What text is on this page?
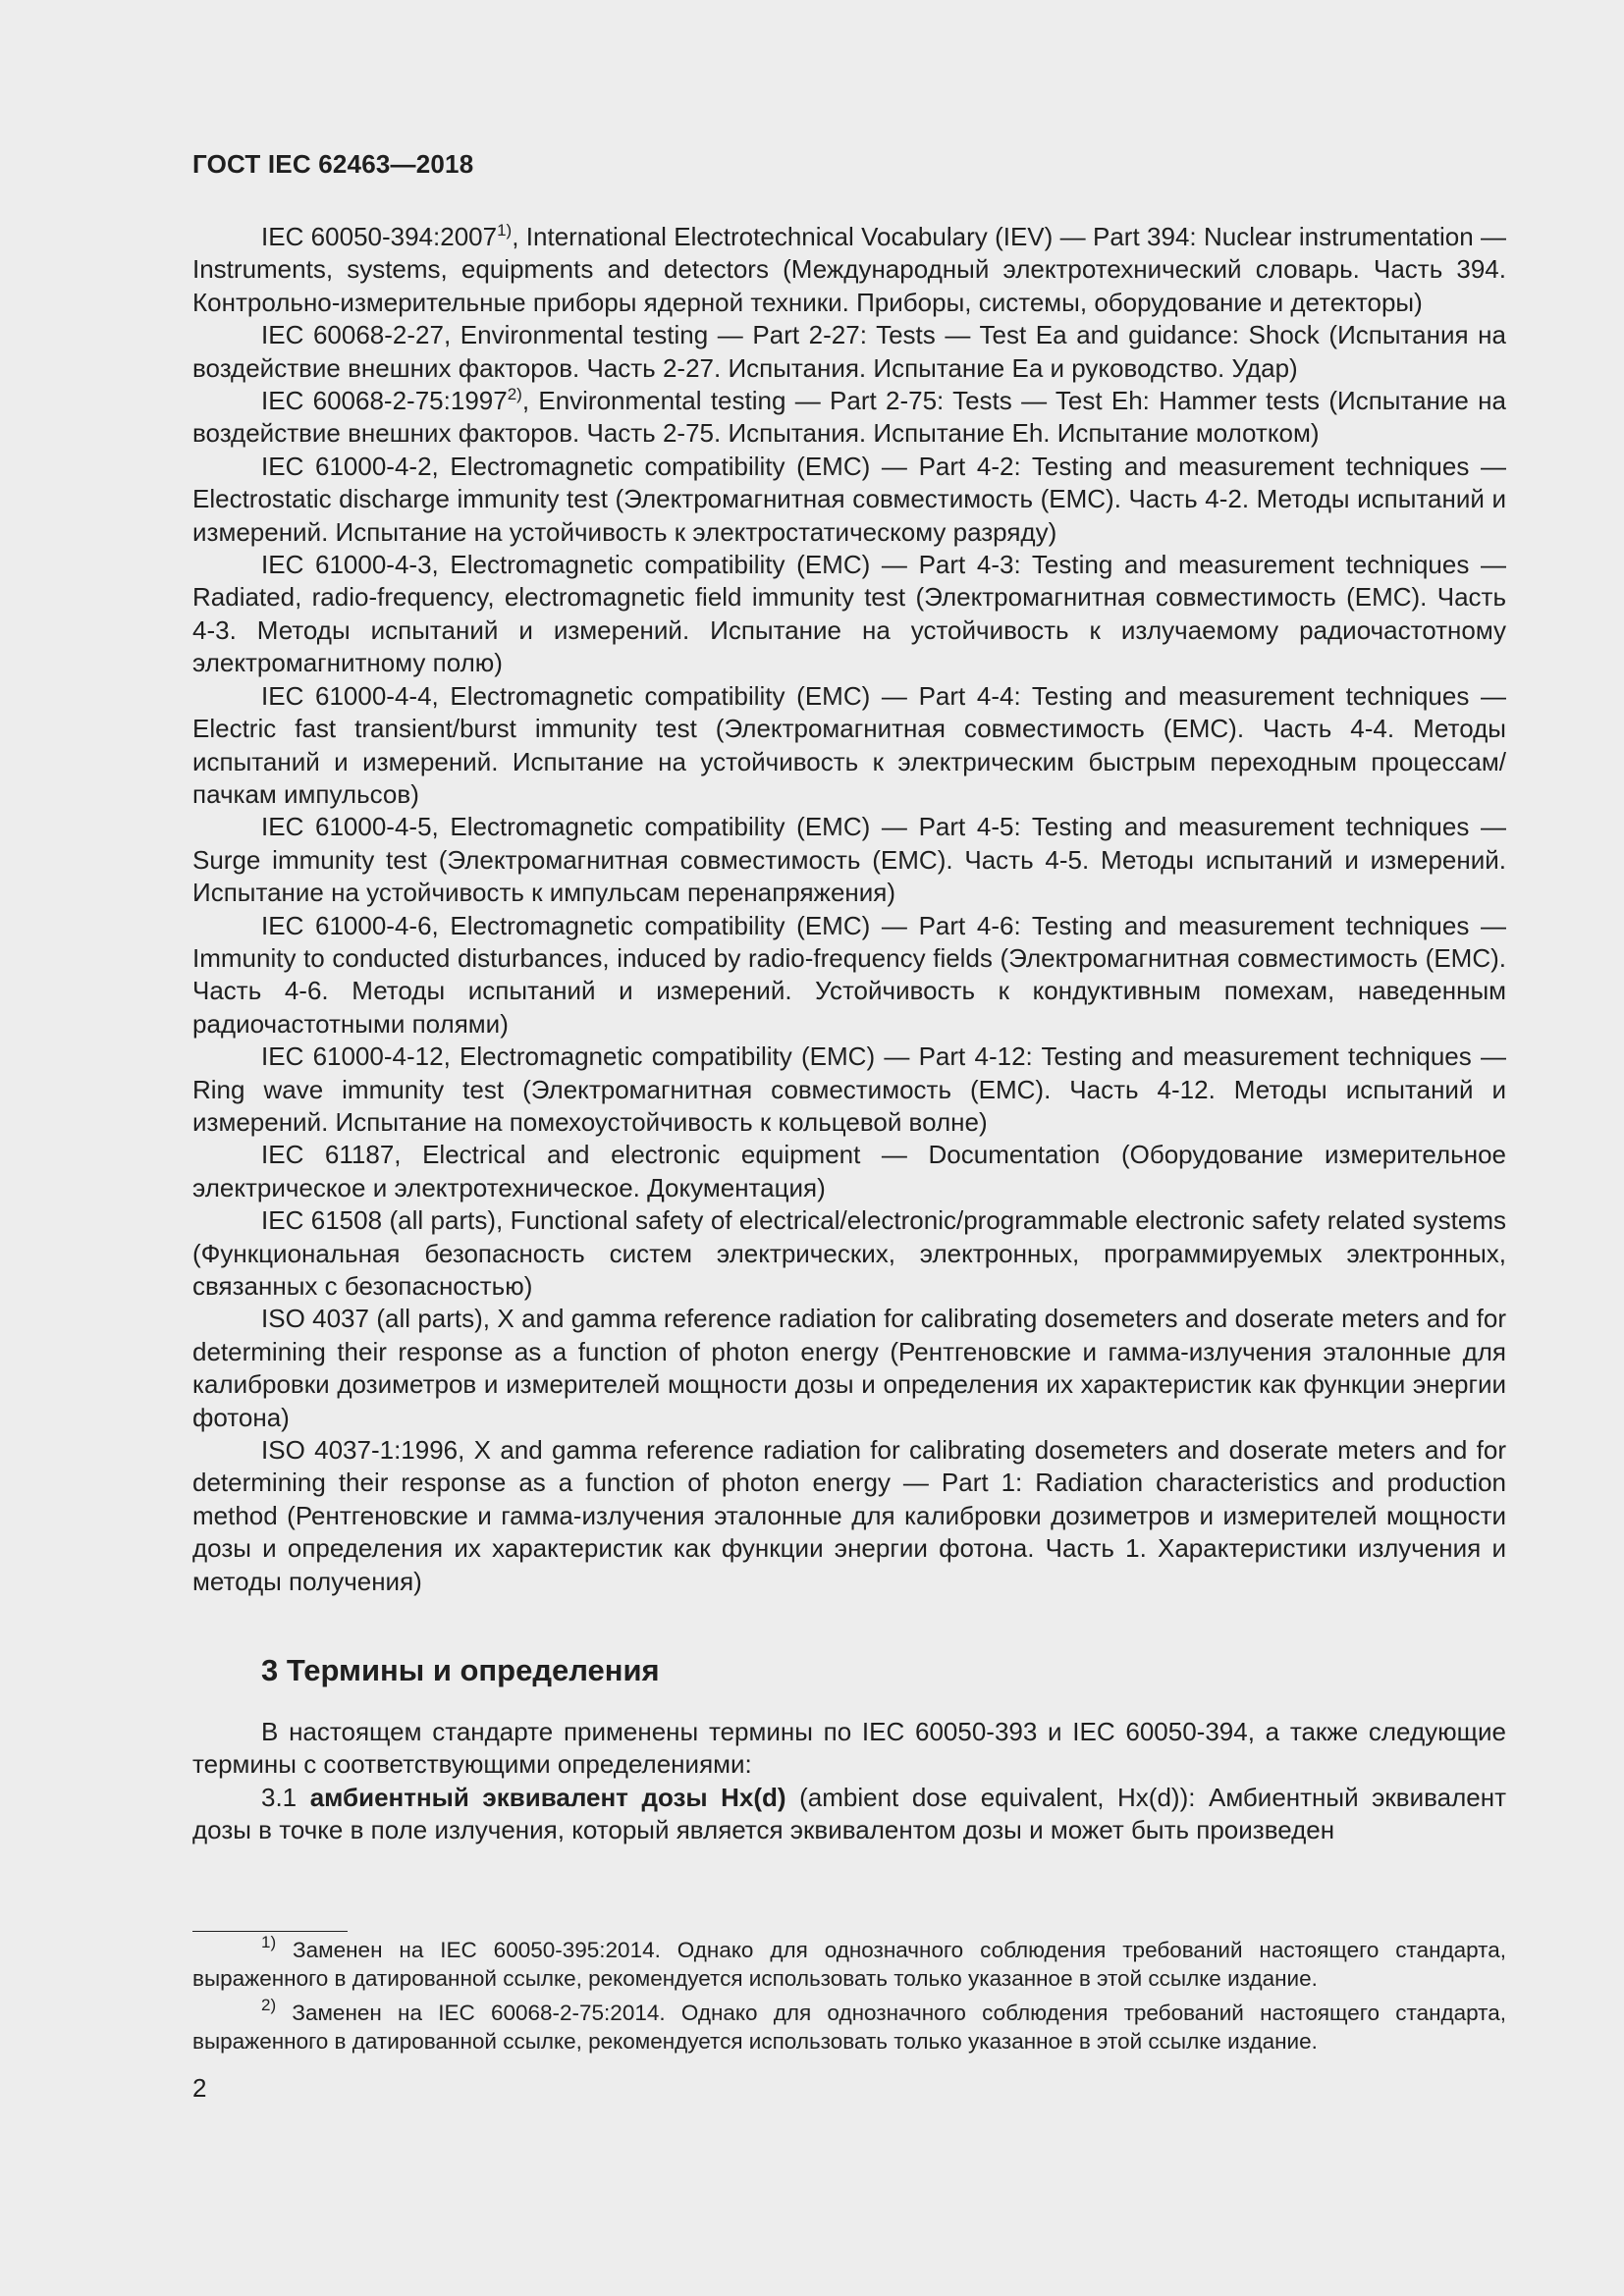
ГОСТ IEC 62463—2018

IEC 60050-394:2007$^{1)}$, International Electrotechnical Vocabulary (IEV) — Part 394: Nuclear instrumentation — Instruments, systems, equipments and detectors (Международный электротехнический словарь. Часть 394. Контрольно-измерительные приборы ядерной техники. Приборы, системы, оборудование и детекторы)

IEC 60068-2-27, Environmental testing — Part 2-27: Tests — Test Ea and guidance: Shock (Испытания на воздействие внешних факторов. Часть 2-27. Испытания. Испытание Ea и руководство. Удар)

IEC 60068-2-75:1997$^{2)}$, Environmental testing — Part 2-75: Tests — Test Eh: Hammer tests (Испытание на воздействие внешних факторов. Часть 2-75. Испытания. Испытание Eh. Испытание молотком)

IEC 61000-4-2, Electromagnetic compatibility (EMC) — Part 4-2: Testing and measurement techniques — Electrostatic discharge immunity test (Электромагнитная совместимость (EMC). Часть 4-2. Методы испытаний и измерений. Испытание на устойчивость к электростатическому разряду)

IEC 61000-4-3, Electromagnetic compatibility (EMC) — Part 4-3: Testing and measurement techniques — Radiated, radio-frequency, electromagnetic field immunity test (Электромагнитная совместимость (EMC). Часть 4-3. Методы испытаний и измерений. Испытание на устойчивость к излучаемому радиочастотному электромагнитному полю)

IEC 61000-4-4, Electromagnetic compatibility (EMC) — Part 4-4: Testing and measurement techniques — Electric fast transient/burst immunity test (Электромагнитная совместимость (EMC). Часть 4-4. Методы испытаний и измерений. Испытание на устойчивость к электрическим быстрым переходным процессам/пачкам импульсов)

IEC 61000-4-5, Electromagnetic compatibility (EMC) — Part 4-5: Testing and measurement techniques — Surge immunity test (Электромагнитная совместимость (EMC). Часть 4-5. Методы испытаний и измерений. Испытание на устойчивость к импульсам перенапряжения)

IEC 61000-4-6, Electromagnetic compatibility (EMC) — Part 4-6: Testing and measurement techniques — Immunity to conducted disturbances, induced by radio-frequency fields (Электромагнитная совместимость (EMC). Часть 4-6. Методы испытаний и измерений. Устойчивость к кондуктивным помехам, наведенным радиочастотными полями)

IEC 61000-4-12, Electromagnetic compatibility (EMC) — Part 4-12: Testing and measurement techniques — Ring wave immunity test (Электромагнитная совместимость (EMC). Часть 4-12. Методы испытаний и измерений. Испытание на помехоустойчивость к кольцевой волне)

IEC 61187, Electrical and electronic equipment — Documentation (Оборудование измерительное электрическое и электротехническое. Документация)

IEC 61508 (all parts), Functional safety of electrical/electronic/programmable electronic safety related systems (Функциональная безопасность систем электрических, электронных, программируемых электронных, связанных с безопасностью)

ISO 4037 (all parts), X and gamma reference radiation for calibrating dosemeters and doserate meters and for determining their response as a function of photon energy (Рентгеновские и гамма-излучения эталонные для калибровки дозиметров и измерителей мощности дозы и определения их характеристик как функции энергии фотона)

ISO 4037-1:1996, X and gamma reference radiation for calibrating dosemeters and doserate meters and for determining their response as a function of photon energy — Part 1: Radiation characteristics and production method (Рентгеновские и гамма-излучения эталонные для калибровки дозиметров и измерителей мощности дозы и определения их характеристик как функции энергии фотона. Часть 1. Характеристики излучения и методы получения)

3 Термины и определения

В настоящем стандарте применены термины по IEC 60050-393 и IEC 60050-394, а также следующие термины с соответствующими определениями:

3.1 амбиентный эквивалент дозы Hx(d) (ambient dose equivalent, Hx(d)): Амбиентный эквивалент дозы в точке в поле излучения, который является эквивалентом дозы и может быть произведен

$^{1)}$ Заменен на IEC 60050-395:2014. Однако для однозначного соблюдения требований настоящего стандарта, выраженного в датированной ссылке, рекомендуется использовать только указанное в этой ссылке издание.

$^{2)}$ Заменен на IEC 60068-2-75:2014. Однако для однозначного соблюдения требований настоящего стандарта, выраженного в датированной ссылке, рекомендуется использовать только указанное в этой ссылке издание.

2
